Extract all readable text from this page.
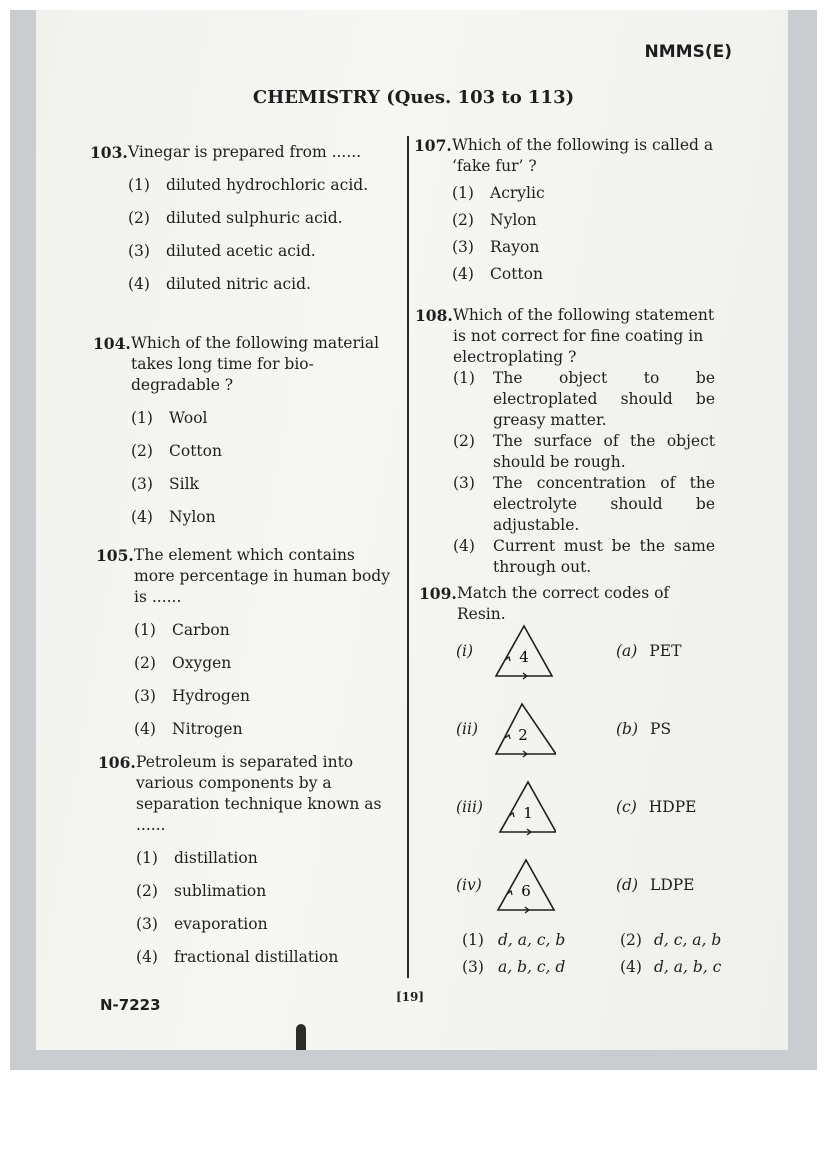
NMMS(E)
CHEMISTRY (Ques. 103 to 113)
103. Vinegar is prepared from ......
(1) diluted hydrochloric acid.
(2) diluted sulphuric acid.
(3) diluted acetic acid.
(4) diluted nitric acid.
104. Which of the following material takes long time for bio-degradable ?
(1) Wool
(2) Cotton
(3) Silk
(4) Nylon
105. The element which contains more percentage in human body is ......
(1) Carbon
(2) Oxygen
(3) Hydrogen
(4) Nitrogen
106. Petroleum is separated into various components by a separation technique known as ......
(1) distillation
(2) sublimation
(3) evaporation
(4) fractional distillation
107. Which of the following is called a ‘fake fur’ ?
(1) Acrylic
(2) Nylon
(3) Rayon
(4) Cotton
108. Which of the following statement is not correct for fine coating in electroplating ?
(1) The object to be electroplated should be greasy matter.
(2) The surface of the object should be rough.
(3) The concentration of the electrolyte should be adjustable.
(4) Current must be the same through out.
109. Match the correct codes of Resin.
(i)	4	(a) PET
(ii)	2	(b) PS
(iii)	1	(c) HDPE
(iv)	6	(d) LDPE
(1) d, a, c, b	(2) d, c, a, b
(3) a, b, c, d	(4) d, a, b, c
N-7223	[19]
